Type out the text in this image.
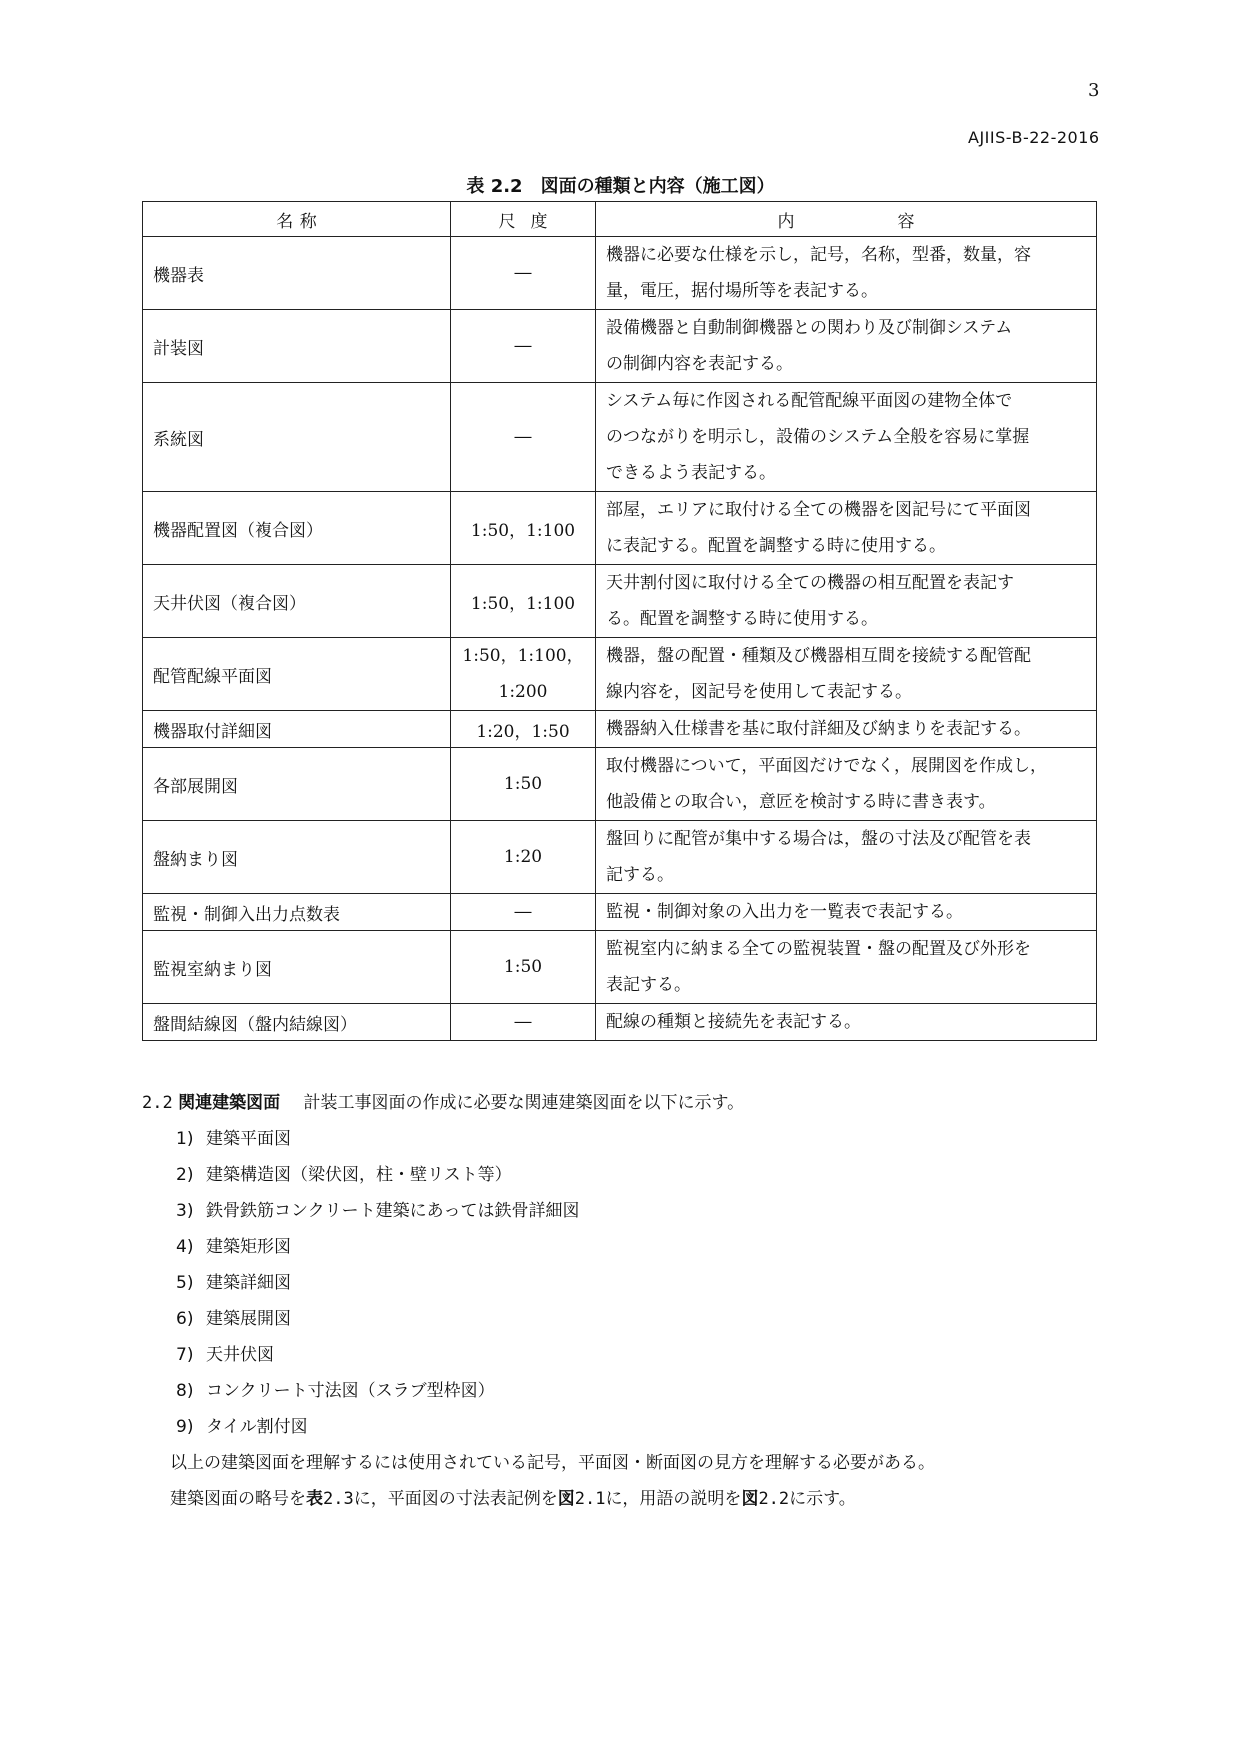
3
AJIIS-B-22-2016
表 2.2　図面の種類と内容（施工図）
名 称	尺 度	内 容

機器表	―	機器に必要な仕様を示し，記号，名称，型番，数量，容
量，電圧，据付場所等を表記する。

計装図	―	設備機器と自動制御機器との関わり及び制御システム
の制御内容を表記する。

系統図	―	システム毎に作図される配管配線平面図の建物全体で
のつながりを明示し，設備のシステム全般を容易に掌握
できるよう表記する。

機器配置図（複合図）	1:50，1:100	部屋，エリアに取付ける全ての機器を図記号にて平面図
に表記する。配置を調整する時に使用する。

天井伏図（複合図）	1:50，1:100	天井割付図に取付ける全ての機器の相互配置を表記す
る。配置を調整する時に使用する。

配管配線平面図	1:50，1:100，1:200	機器，盤の配置・種類及び機器相互間を接続する配管配
線内容を，図記号を使用して表記する。

機器取付詳細図	1:20，1:50	機器納入仕様書を基に取付詳細及び納まりを表記する。

各部展開図	1:50	取付機器について，平面図だけでなく，展開図を作成し，
他設備との取合い，意匠を検討する時に書き表す。

盤納まり図	1:20	盤回りに配管が集中する場合は，盤の寸法及び配管を表
記する。

監視・制御入出力点数表	―	監視・制御対象の入出力を一覧表で表記する。

監視室納まり図	1:50	監視室内に納まる全ての監視装置・盤の配置及び外形を
表記する。

盤間結線図（盤内結線図）	―	配線の種類と接続先を表記する。
2.2 関連建築図面 計装工事図面の作成に必要な関連建築図面を以下に示す。
1) 建築平面図
2) 建築構造図（梁伏図，柱・壁リスト等）
3) 鉄骨鉄筋コンクリート建築にあっては鉄骨詳細図
4) 建築矩形図
5) 建築詳細図
6) 建築展開図
7) 天井伏図
8) コンクリート寸法図（スラブ型枠図）
9) タイル割付図
以上の建築図面を理解するには使用されている記号，平面図・断面図の見方を理解する必要がある。
建築図面の略号を表2.3に，平面図の寸法表記例を図2.1に，用語の説明を図2.2に示す。
